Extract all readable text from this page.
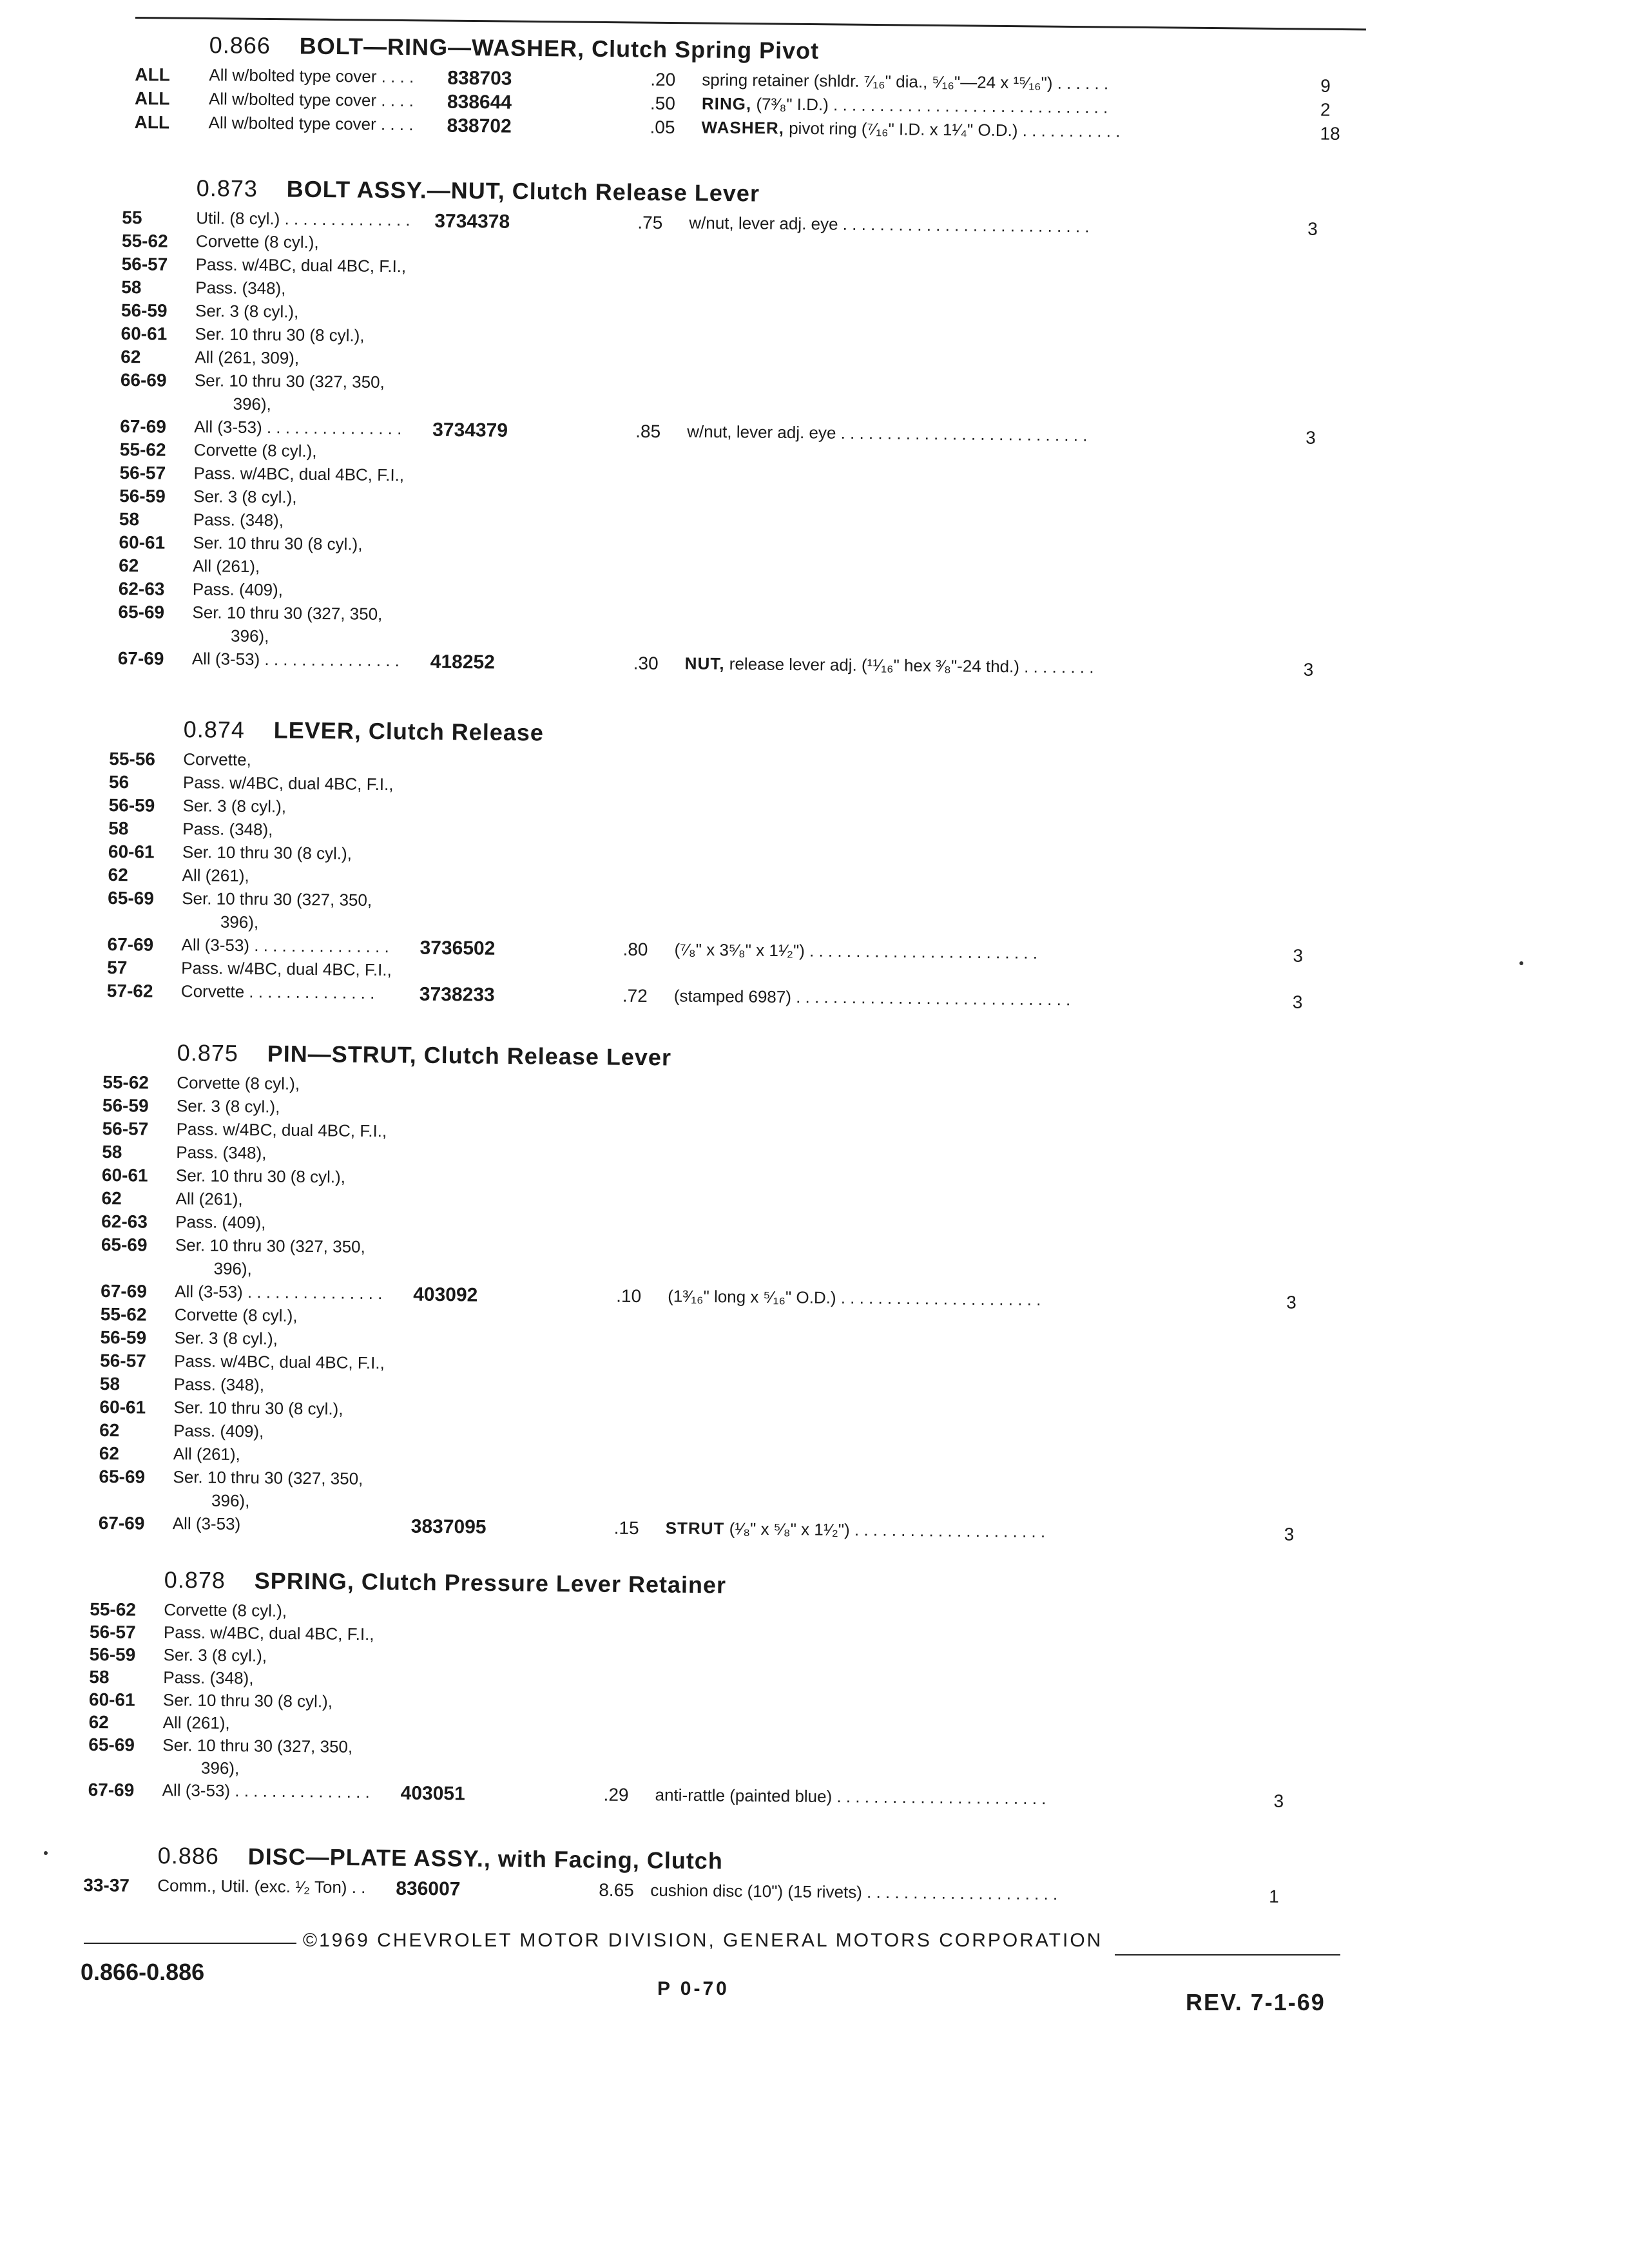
0.866 BOLT—RING—WASHER, Clutch Spring Pivot
ALL All w/bolted type cover . . . . 838703	.20 spring retainer (shldr. ⁷⁄₁₆" dia., ⁵⁄₁₆"—24 x ¹⁵⁄₁₆") . . . . . .	9
ALL All w/bolted type cover . . . . 838644	.50 RING, (7³⁄₈" I.D.) . . . . . . . . . . . . . . . . . . . . . . . . . . . . . .	2
ALL All w/bolted type cover . . . . 838702	.05 WASHER, pivot ring (⁷⁄₁₆" I.D. x 1¹⁄₄" O.D.) . . . . . . . . . . .	18
0.873 BOLT ASSY.—NUT, Clutch Release Lever
55	Util. (8 cyl.) . . . . . . . . . . . . . . 3734378	.75 w/nut, lever adj. eye . . . . . . . . . . . . . . . . . . . . . . . . . . .	3
55-62 Corvette (8 cyl.),
56-57 Pass. w/4BC, dual 4BC, F.I.,
58	Pass. (348),
56-59 Ser. 3 (8 cyl.),
60-61 Ser. 10 thru 30 (8 cyl.),
62	All (261, 309),
66-69 Ser. 10 thru 30 (327, 350,
396),
67-69 All (3-53) . . . . . . . . . . . . . . . 3734379	.85 w/nut, lever adj. eye . . . . . . . . . . . . . . . . . . . . . . . . . . .	3
55-62 Corvette (8 cyl.),
56-57 Pass. w/4BC, dual 4BC, F.I.,
56-59 Ser. 3 (8 cyl.),
58	Pass. (348),
60-61 Ser. 10 thru 30 (8 cyl.),
62	All (261),
62-63 Pass. (409),
65-69 Ser. 10 thru 30 (327, 350,
396),
67-69 All (3-53) . . . . . . . . . . . . . . . 418252	.30 NUT, release lever adj. (¹¹⁄₁₆" hex ³⁄₈"-24 thd.) . . . . . . . .	3
0.874 LEVER, Clutch Release
55-56 Corvette,
56	Pass. w/4BC, dual 4BC, F.I.,
56-59 Ser. 3 (8 cyl.),
58	Pass. (348),
60-61 Ser. 10 thru 30 (8 cyl.),
62	All (261),
65-69 Ser. 10 thru 30 (327, 350,
396),
67-69 All (3-53) . . . . . . . . . . . . . . . 3736502	.80 (⁷⁄₈" x 3⁵⁄₈" x 1¹⁄₂") . . . . . . . . . . . . . . . . . . . . . . . . .	3
57	Pass. w/4BC, dual 4BC, F.I.,
57-62 Corvette . . . . . . . . . . . . . . 3738233	.72 (stamped 6987) . . . . . . . . . . . . . . . . . . . . . . . . . . . . . .	3
0.875 PIN—STRUT, Clutch Release Lever
55-62 Corvette (8 cyl.),
56-59 Ser. 3 (8 cyl.),
56-57 Pass. w/4BC, dual 4BC, F.I.,
58	Pass. (348),
60-61 Ser. 10 thru 30 (8 cyl.),
62	All (261),
62-63 Pass. (409),
65-69 Ser. 10 thru 30 (327, 350,
396),
67-69 All (3-53) . . . . . . . . . . . . . . . 403092	.10 (1³⁄₁₆" long x ⁵⁄₁₆" O.D.) . . . . . . . . . . . . . . . . . . . . . .	3
55-62 Corvette (8 cyl.),
56-59 Ser. 3 (8 cyl.),
56-57 Pass. w/4BC, dual 4BC, F.I.,
58	Pass. (348),
60-61 Ser. 10 thru 30 (8 cyl.),
62	Pass. (409),
62	All (261),
65-69 Ser. 10 thru 30 (327, 350,
396),
67-69 All (3-53)	3837095	.15 STRUT (¹⁄₈" x ⁵⁄₈" x 1¹⁄₂") . . . . . . . . . . . . . . . . . . . . .	3
0.878 SPRING, Clutch Pressure Lever Retainer
55-62 Corvette (8 cyl.),
56-57 Pass. w/4BC, dual 4BC, F.I.,
56-59 Ser. 3 (8 cyl.),
58	Pass. (348),
60-61 Ser. 10 thru 30 (8 cyl.),
62	All (261),
65-69 Ser. 10 thru 30 (327, 350,
396),
67-69 All (3-53) . . . . . . . . . . . . . . . 403051	.29 anti-rattle (painted blue) . . . . . . . . . . . . . . . . . . . . . . .	3
0.886 DISC—PLATE ASSY., with Facing, Clutch
33-37 Comm., Util. (exc. ¹⁄₂ Ton) . . 836007	8.65 cushion disc (10") (15 rivets) . . . . . . . . . . . . . . . . . . . . .	1
©1969 CHEVROLET MOTOR DIVISION, GENERAL MOTORS CORPORATION
0.866-0.886
P 0-70
REV. 7-1-69
